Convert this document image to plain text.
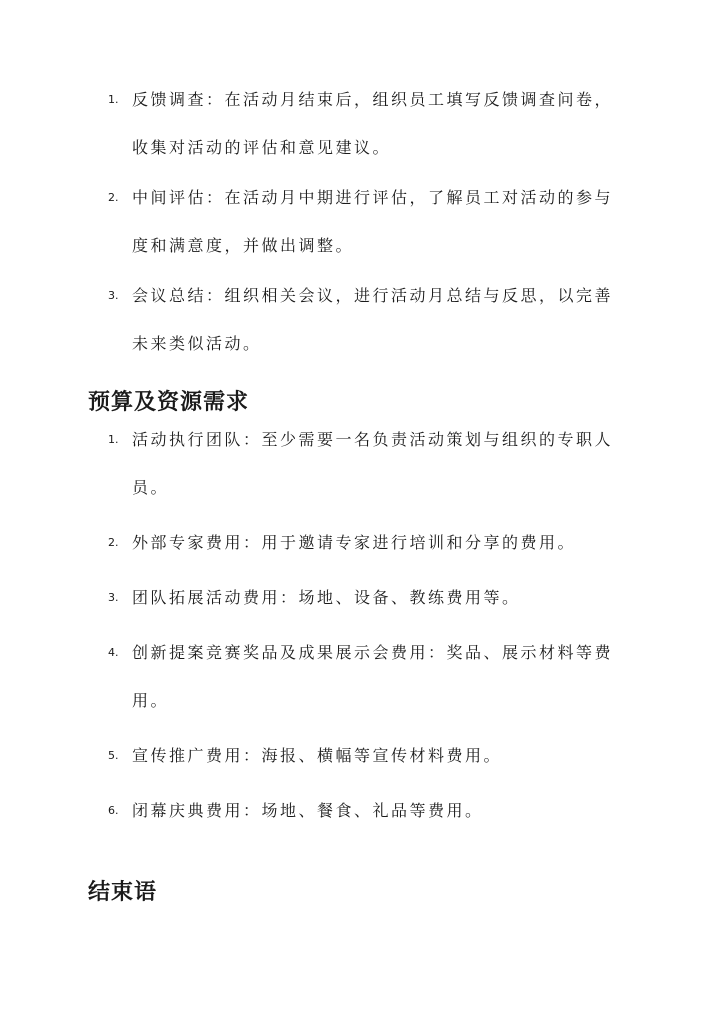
1. 反馈调查：在活动月结束后，组织员工填写反馈调查问卷，收集对活动的评估和意见建议。
2. 中间评估：在活动月中期进行评估，了解员工对活动的参与度和满意度，并做出调整。
3. 会议总结：组织相关会议，进行活动月总结与反思，以完善未来类似活动。
预算及资源需求
1. 活动执行团队：至少需要一名负责活动策划与组织的专职人员。
2. 外部专家费用：用于邀请专家进行培训和分享的费用。
3. 团队拓展活动费用：场地、设备、教练费用等。
4. 创新提案竞赛奖品及成果展示会费用：奖品、展示材料等费用。
5. 宣传推广费用：海报、横幅等宣传材料费用。
6. 闭幕庆典费用：场地、餐食、礼品等费用。
结束语
